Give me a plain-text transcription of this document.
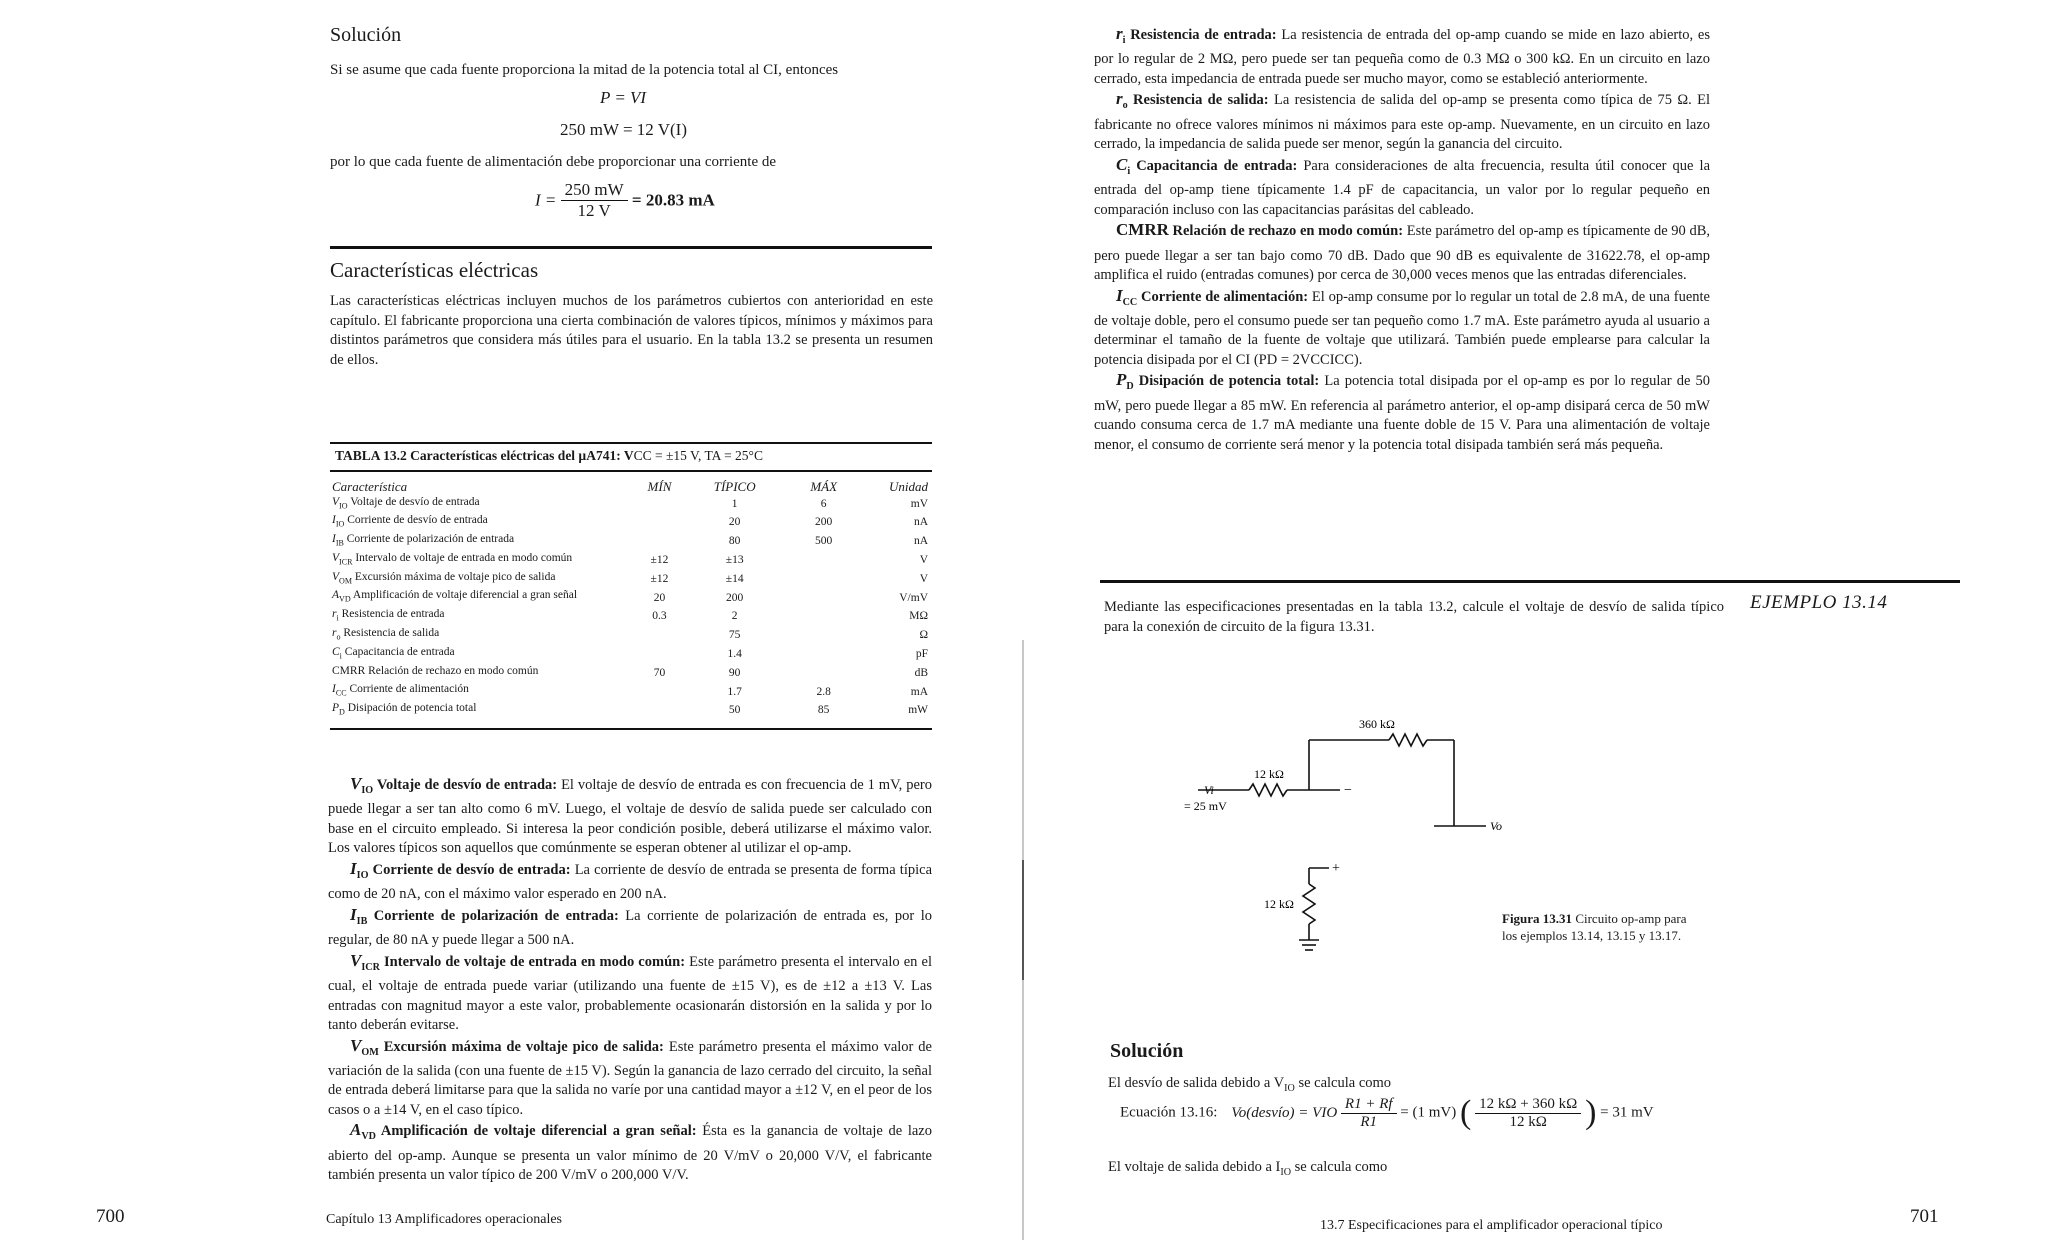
Solución
Si se asume que cada fuente proporciona la mitad de la potencia total al CI, entonces
P = VI
250 mW = 12 V(I)
por lo que cada fuente de alimentación debe proporcionar una corriente de
$I = \frac{250 mW}{12 V} = 20.83$ mA
Características eléctricas
Las características eléctricas incluyen muchos de los parámetros cubiertos con anterioridad en este capítulo. El fabricante proporciona una cierta combinación de valores típicos, mínimos y máximos para distintos parámetros que considera más útiles para el usuario. En la tabla 13.2 se presenta un resumen de ellos.
TABLA 13.2 Características eléctricas del µA741: VCC = ±15 V, TA = 25°C
Característica	MÍN	TÍPICO	MÁX	Unidad
$V_{IO}$ Voltaje de desvío de entrada		1	6	mV
$I_{IO}$ Corriente de desvío de entrada		20	200	nA
$I_{IB}$ Corriente de polarización de entrada		80	500	nA
$V_{ICR}$ Intervalo de voltaje de entrada en modo común	±12	±13		V
$V_{OM}$ Excursión máxima de voltaje pico de salida	±12	±14		V
$A_{VD}$ Amplificación de voltaje diferencial a gran señal	20	200		V/mV
$r_i$ Resistencia de entrada	0.3	2		MΩ
$r_o$ Resistencia de salida		75		Ω
$C_i$ Capacitancia de entrada		1.4		pF
CMRR Relación de rechazo en modo común	70	90		dB
$I_{CC}$ Corriente de alimentación		1.7	2.8	mA
$P_D$ Disipación de potencia total		50	85	mW

$V_{IO}$ Voltaje de desvío de entrada: El voltaje de desvío de entrada es con frecuencia de 1 mV, pero puede llegar a ser tan alto como 6 mV. Luego, el voltaje de desvío de salida puede ser calculado con base en el circuito empleado. Si interesa la peor condición posible, deberá utilizarse el máximo valor. Los valores típicos son aquellos que comúnmente se esperan obtener al utilizar el op-amp.

$I_{IO}$ Corriente de desvío de entrada: La corriente de desvío de entrada se presenta de forma típica como de 20 nA, con el máximo valor esperado en 200 nA.

$I_{IB}$ Corriente de polarización de entrada: La corriente de polarización de entrada es, por lo regular, de 80 nA y puede llegar a 500 nA.

$V_{ICR}$ Intervalo de voltaje de entrada en modo común: Este parámetro presenta el intervalo en el cual, el voltaje de entrada puede variar (utilizando una fuente de ±15 V), es de ±12 a ±13 V. Las entradas con magnitud mayor a este valor, probablemente ocasionarán distorsión en la salida y por lo tanto deberán evitarse.

$V_{OM}$ Excursión máxima de voltaje pico de salida: Este parámetro presenta el máximo valor de variación de la salida (con una fuente de ±15 V). Según la ganancia de lazo cerrado del circuito, la señal de entrada deberá limitarse para que la salida no varíe por una cantidad mayor a ±12 V, en el peor de los casos o a ±14 V, en el caso típico.

$A_{VD}$ Amplificación de voltaje diferencial a gran señal: Ésta es la ganancia de voltaje de lazo abierto del op-amp. Aunque se presenta un valor mínimo de 20 V/mV o 20,000 V/V, el fabricante también presenta un valor típico de 200 V/mV o 200,000 V/V.

700	Capítulo 13 Amplificadores operacionales

$r_i$ Resistencia de entrada: La resistencia de entrada del op-amp cuando se mide en lazo abierto, es por lo regular de 2 MΩ, pero puede ser tan pequeña como de 0.3 MΩ o 300 kΩ. En un circuito en lazo cerrado, esta impedancia de entrada puede ser mucho mayor, como se estableció anteriormente.

$r_o$ Resistencia de salida: La resistencia de salida del op-amp se presenta como típica de 75 Ω. El fabricante no ofrece valores mínimos ni máximos para este op-amp. Nuevamente, en un circuito en lazo cerrado, la impedancia de salida puede ser menor, según la ganancia del circuito.

$C_i$ Capacitancia de entrada: Para consideraciones de alta frecuencia, resulta útil conocer que la entrada del op-amp tiene típicamente 1.4 pF de capacitancia, un valor por lo regular pequeño en comparación incluso con las capacitancias parásitas del cableado.

CMRR Relación de rechazo en modo común: Este parámetro del op-amp es típicamente de 90 dB, pero puede llegar a ser tan bajo como 70 dB. Dado que 90 dB es equivalente de 31622.78, el op-amp amplifica el ruido (entradas comunes) por cerca de 30,000 veces menos que las entradas diferenciales.

$I_{CC}$ Corriente de alimentación: El op-amp consume por lo regular un total de 2.8 mA, de una fuente de voltaje doble, pero el consumo puede ser tan pequeño como 1.7 mA. Este parámetro ayuda al usuario a determinar el tamaño de la fuente de voltaje que utilizará. También puede emplearse para calcular la potencia disipada por el CI (PD = 2VCCICC).

$P_D$ Disipación de potencia total: La potencia total disipada por el op-amp es por lo regular de 50 mW, pero puede llegar a 85 mW. En referencia al parámetro anterior, el op-amp disipará cerca de 50 mW cuando consuma cerca de 1.7 mA mediante una fuente doble de 15 V. Para una alimentación de voltaje menor, el consumo de corriente será menor y la potencia total disipada también será más pequeña.

Mediante las especificaciones presentadas en la tabla 13.2, calcule el voltaje de desvío de salida típico para la conexión de circuito de la figura 13.31.
EJEMPLO 13.14
360 kΩ
12 kΩ
Vi
= 25 mV
Vo
−
+
12 kΩ
Figura 13.31 Circuito op-amp para los ejemplos 13.14, 13.15 y 13.17.
Solución
El desvío de salida debido a $V_{IO}$ se calcula como
Ecuación 13.16: Vo(desvío) = VIO $\frac{R1 + Rf}{R1} = (1$ mV) ( $\frac{12 k\Omega + 360 k\Omega}{12 k\Omega}$ ) = 31 mV
El voltaje de salida debido a $I_{IO}$ se calcula como
13.7 Especificaciones para el amplificador operacional típico	701
